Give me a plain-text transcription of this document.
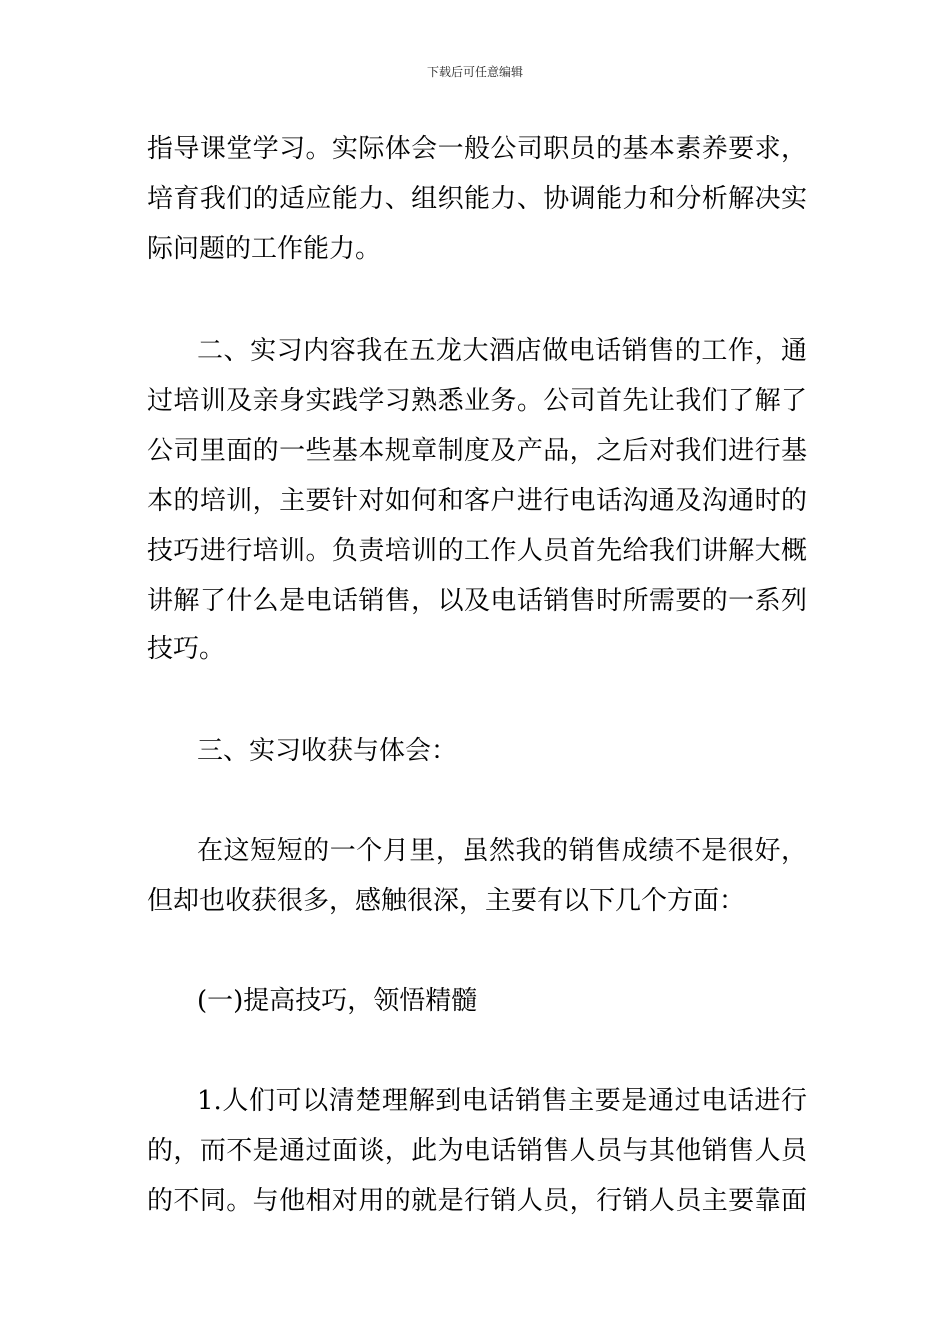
下载后可任意编辑
指导课堂学习。实际体会一般公司职员的基本素养要求，
培育我们的适应能力、组织能力、协调能力和分析解决实
际问题的工作能力。
二、实习内容我在五龙大酒店做电话销售的工作，通
过培训及亲身实践学习熟悉业务。公司首先让我们了解了
公司里面的一些基本规章制度及产品，之后对我们进行基
本的培训，主要针对如何和客户进行电话沟通及沟通时的
技巧进行培训。负责培训的工作人员首先给我们讲解大概
讲解了什么是电话销售，以及电话销售时所需要的一系列
技巧。
三、实习收获与体会：
在这短短的一个月里，虽然我的销售成绩不是很好，
但却也收获很多，感触很深，主要有以下几个方面：
(一)提高技巧，领悟精髓
1.人们可以清楚理解到电话销售主要是通过电话进行
的，而不是通过面谈，此为电话销售人员与其他销售人员
的不同。与他相对用的就是行销人员，行销人员主要靠面
